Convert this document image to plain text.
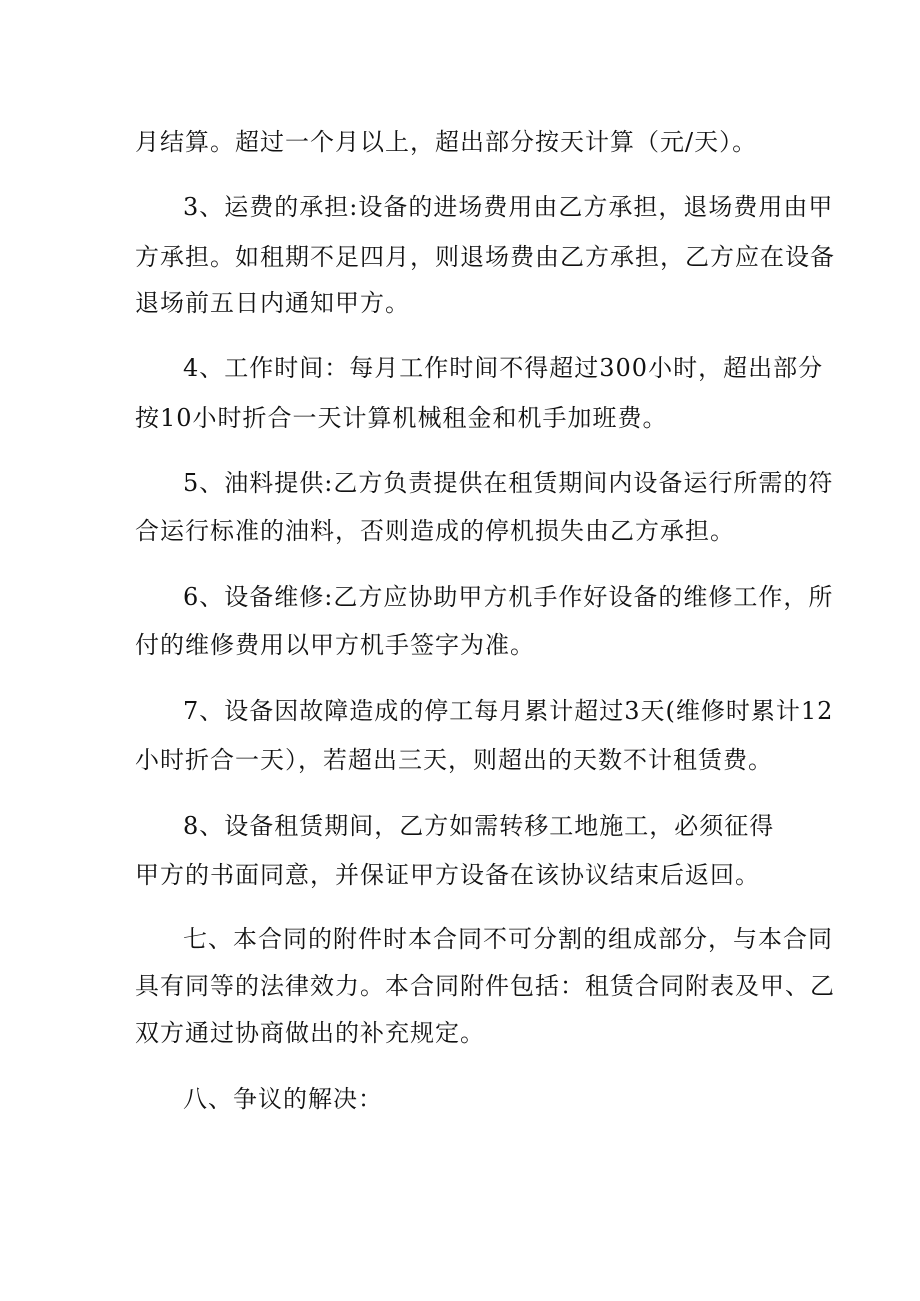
月结算。超过一个月以上，超出部分按天计算（元/天）。
3、运费的承担:设备的进场费用由乙方承担，退场费用由甲
方承担。如租期不足四月，则退场费由乙方承担，乙方应在设备
退场前五日内通知甲方。
4、工作时间：每月工作时间不得超过300小时，超出部分
按10小时折合一天计算机械租金和机手加班费。
5、油料提供:乙方负责提供在租赁期间内设备运行所需的符
合运行标准的油料，否则造成的停机损失由乙方承担。
6、设备维修:乙方应协助甲方机手作好设备的维修工作，所
付的维修费用以甲方机手签字为准。
7、设备因故障造成的停工每月累计超过3天(维修时累计12
小时折合一天），若超出三天，则超出的天数不计租赁费。
8、设备租赁期间，乙方如需转移工地施工，必须征得
甲方的书面同意，并保证甲方设备在该协议结束后返回。
七、本合同的附件时本合同不可分割的组成部分，与本合同
具有同等的法律效力。本合同附件包括：租赁合同附表及甲、乙
双方通过协商做出的补充规定。
八、争议的解决：
